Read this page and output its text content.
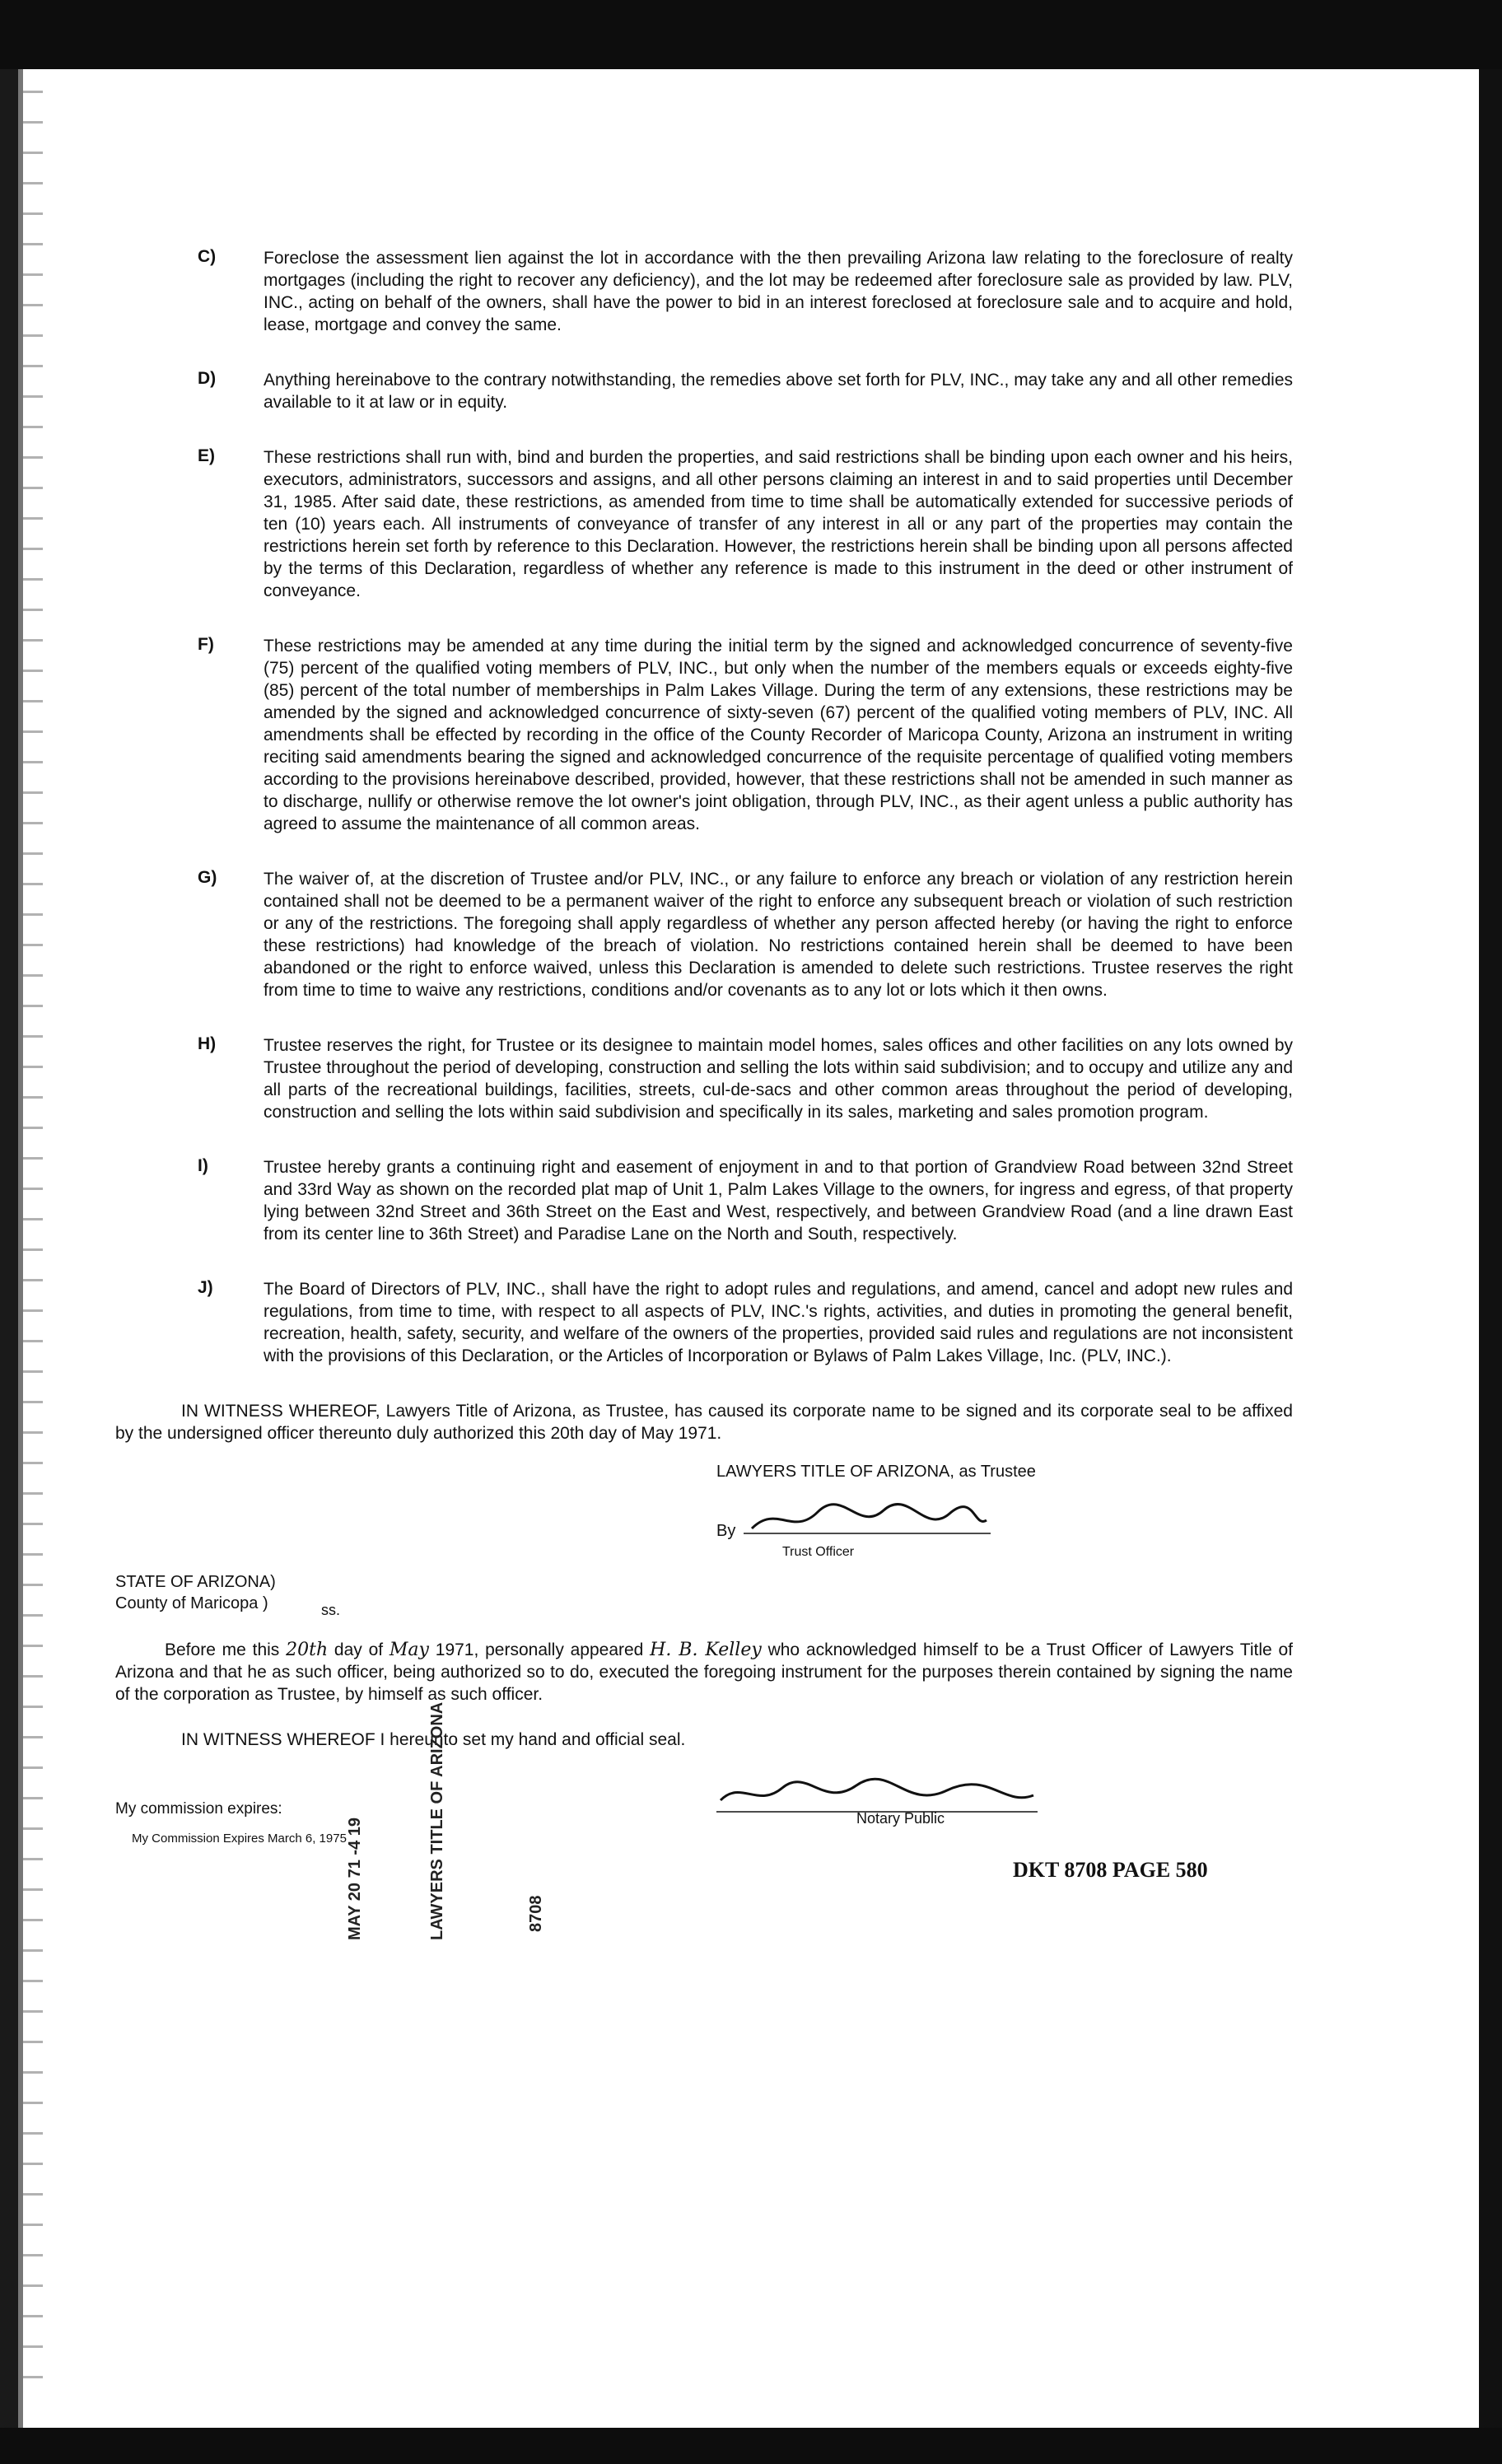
C)	Foreclose the assessment lien against the lot in accordance with the then prevailing Arizona law relating to the foreclosure of realty mortgages (including the right to recover any deficiency), and the lot may be redeemed after foreclosure sale as provided by law. PLV, INC., acting on behalf of the owners, shall have the power to bid in an interest foreclosed at foreclosure sale and to acquire and hold, lease, mortgage and convey the same.

D)	Anything hereinabove to the contrary notwithstanding, the remedies above set forth for PLV, INC., may take any and all other remedies available to it at law or in equity.

E)	These restrictions shall run with, bind and burden the properties, and said restrictions shall be binding upon each owner and his heirs, executors, administrators, successors and assigns, and all other persons claiming an interest in and to said properties until December 31, 1985. After said date, these restrictions, as amended from time to time shall be automatically extended for successive periods of ten (10) years each. All instruments of conveyance of transfer of any interest in all or any part of the properties may contain the restrictions herein set forth by reference to this Declaration. However, the restrictions herein shall be binding upon all persons affected by the terms of this Declaration, regardless of whether any reference is made to this instrument in the deed or other instrument of conveyance.

F)	These restrictions may be amended at any time during the initial term by the signed and acknowledged concurrence of seventy-five (75) percent of the qualified voting members of PLV, INC., but only when the number of the members equals or exceeds eighty-five (85) percent of the total number of memberships in Palm Lakes Village. During the term of any extensions, these restrictions may be amended by the signed and acknowledged concurrence of sixty-seven (67) percent of the qualified voting members of PLV, INC. All amendments shall be effected by recording in the office of the County Recorder of Maricopa County, Arizona an instrument in writing reciting said amendments bearing the signed and acknowledged concurrence of the requisite percentage of qualified voting members according to the provisions hereinabove described, provided, however, that these restrictions shall not be amended in such manner as to discharge, nullify or otherwise remove the lot owner's joint obligation, through PLV, INC., as their agent unless a public authority has agreed to assume the maintenance of all common areas.

G)	The waiver of, at the discretion of Trustee and/or PLV, INC., or any failure to enforce any breach or violation of any restriction herein contained shall not be deemed to be a permanent waiver of the right to enforce any subsequent breach or violation of such restriction or any of the restrictions. The foregoing shall apply regardless of whether any person affected hereby (or having the right to enforce these restrictions) had knowledge of the breach of violation. No restrictions contained herein shall be deemed to have been abandoned or the right to enforce waived, unless this Declaration is amended to delete such restrictions. Trustee reserves the right from time to time to waive any restrictions, conditions and/or covenants as to any lot or lots which it then owns.

H)	Trustee reserves the right, for Trustee or its designee to maintain model homes, sales offices and other facilities on any lots owned by Trustee throughout the period of developing, construction and selling the lots within said subdivision; and to occupy and utilize any and all parts of the recreational buildings, facilities, streets, cul-de-sacs and other common areas throughout the period of developing, construction and selling the lots within said subdivision and specifically in its sales, marketing and sales promotion program.

I)	Trustee hereby grants a continuing right and easement of enjoyment in and to that portion of Grandview Road between 32nd Street and 33rd Way as shown on the recorded plat map of Unit 1, Palm Lakes Village to the owners, for ingress and egress, of that property lying between 32nd Street and 36th Street on the East and West, respectively, and between Grandview Road (and a line drawn East from its center line to 36th Street) and Paradise Lane on the North and South, respectively.

J)	The Board of Directors of PLV, INC., shall have the right to adopt rules and regulations, and amend, cancel and adopt new rules and regulations, from time to time, with respect to all aspects of PLV, INC.'s rights, activities, and duties in promoting the general benefit, recreation, health, safety, security, and welfare of the owners of the properties, provided said rules and regulations are not inconsistent with the provisions of this Declaration, or the Articles of Incorporation or Bylaws of Palm Lakes Village, Inc. (PLV, INC.).

IN WITNESS WHEREOF, Lawyers Title of Arizona, as Trustee, has caused its corporate name to be signed and its corporate seal to be affixed by the undersigned officer thereunto duly authorized this 20th day of May 1971.

LAWYERS TITLE OF ARIZONA, as Trustee
By
Trust Officer
STATE OF ARIZONA)
County of Maricopa )	ss.

Before me this 20th day of May 1971, personally appeared H. B. Kelley who acknowledged himself to be a Trust Officer of Lawyers Title of Arizona and that he as such officer, being authorized so to do, executed the foregoing instrument for the purposes therein contained by signing the name of the corporation as Trustee, by himself as such officer.

IN WITNESS WHEREOF I hereunto set my hand and official seal.

My commission expires:
My Commission Expires March 6, 1975
Notary Public
MAY 20 71 -4 19	LAWYERS TITLE OF ARIZONA	8708
DKT 8708 PAGE 580
